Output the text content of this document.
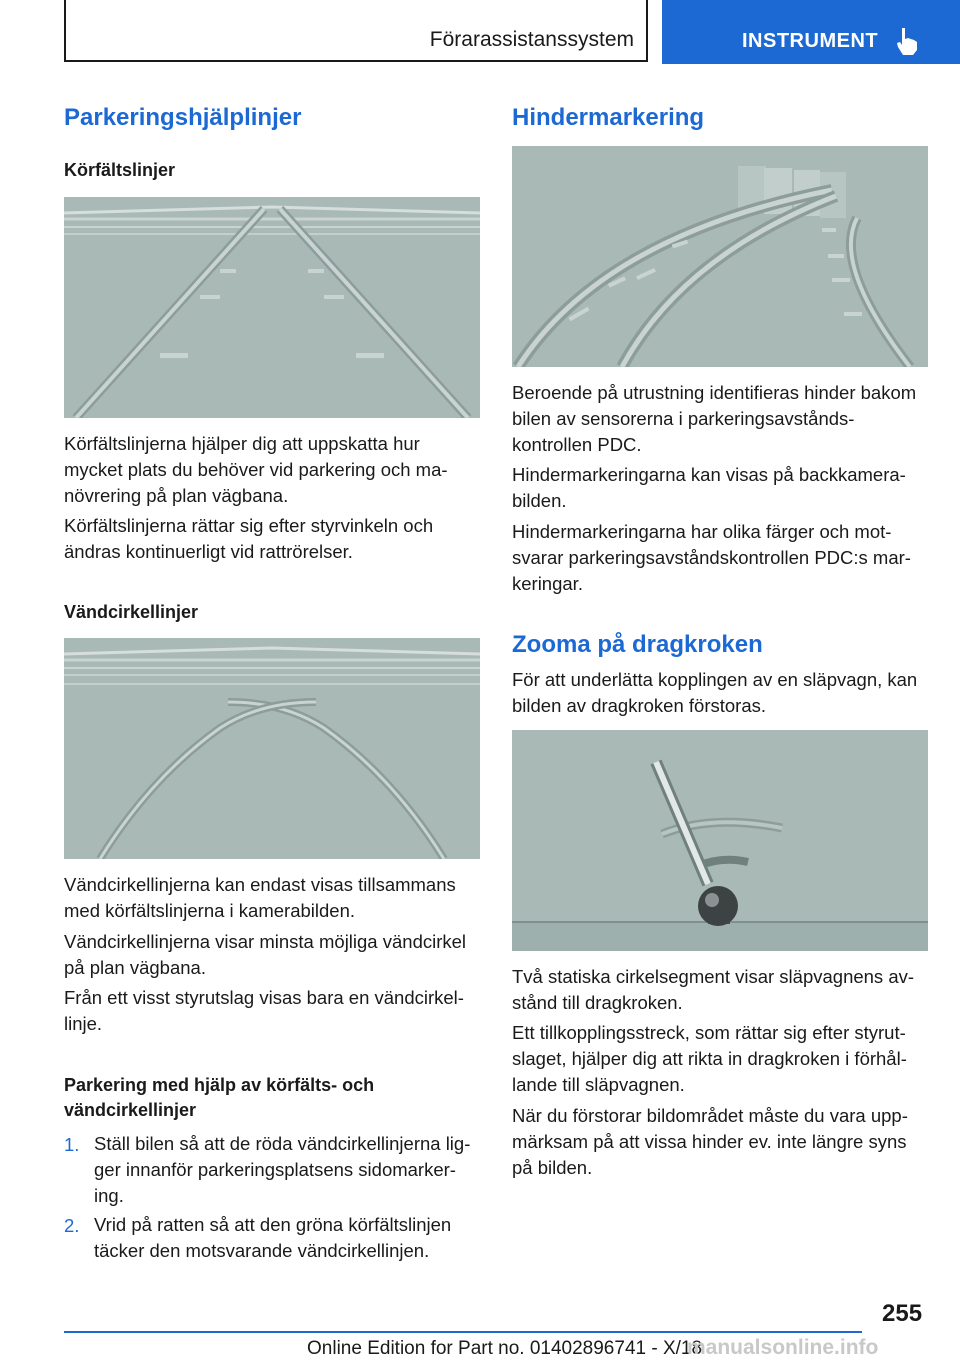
Förarassistanssystem	INSTRUMENT
Parkeringshjälplinjer
Körfältslinjer

Körfältslinjerna hjälper dig att uppskatta hur mycket plats du behöver vid parkering och ma-növrering på plan vägbana.

Körfältslinjerna rättar sig efter styrvinkeln och ändras kontinuerligt vid rattrörelser.

Vändcirkellinjer

Vändcirkellinjerna kan endast visas tillsammans med körfältslinjerna i kamerabilden.

Vändcirkellinjerna visar minsta möjliga vändcirkel på plan vägbana.

Från ett visst styrutslag visas bara en vändcirkel-linje.

Parkering med hjälp av körfälts- och vändcirkellinjer
1. Ställ bilen så att de röda vändcirkellinjerna lig-ger innanför parkeringsplatsens sidomarker-ing.
2. Vrid på ratten så att den gröna körfältslinjen täcker den motsvarande vändcirkellinjen.
Hindermarkering

Beroende på utrustning identifieras hinder bakom bilen av sensorerna i parkeringsavstånds-kontrollen PDC.

Hindermarkeringarna kan visas på backkamera-bilden.

Hindermarkeringarna har olika färger och mot-svarar parkeringsavståndskontrollen PDC:s mar-keringar.

Zooma på dragkroken

För att underlätta kopplingen av en släpvagn, kan bilden av dragkroken förstoras.

Två statiska cirkelsegment visar släpvagnens av-stånd till dragkroken.

Ett tillkopplingsstreck, som rättar sig efter styrut-slaget, hjälper dig att rikta in dragkroken i förhål-lande till släpvagnen.

När du förstorar bildområdet måste du vara upp-märksam på att vissa hinder ev. inte längre syns på bilden.

255
Online Edition for Part no. 01402896741 - X/18
manualsonline.info
